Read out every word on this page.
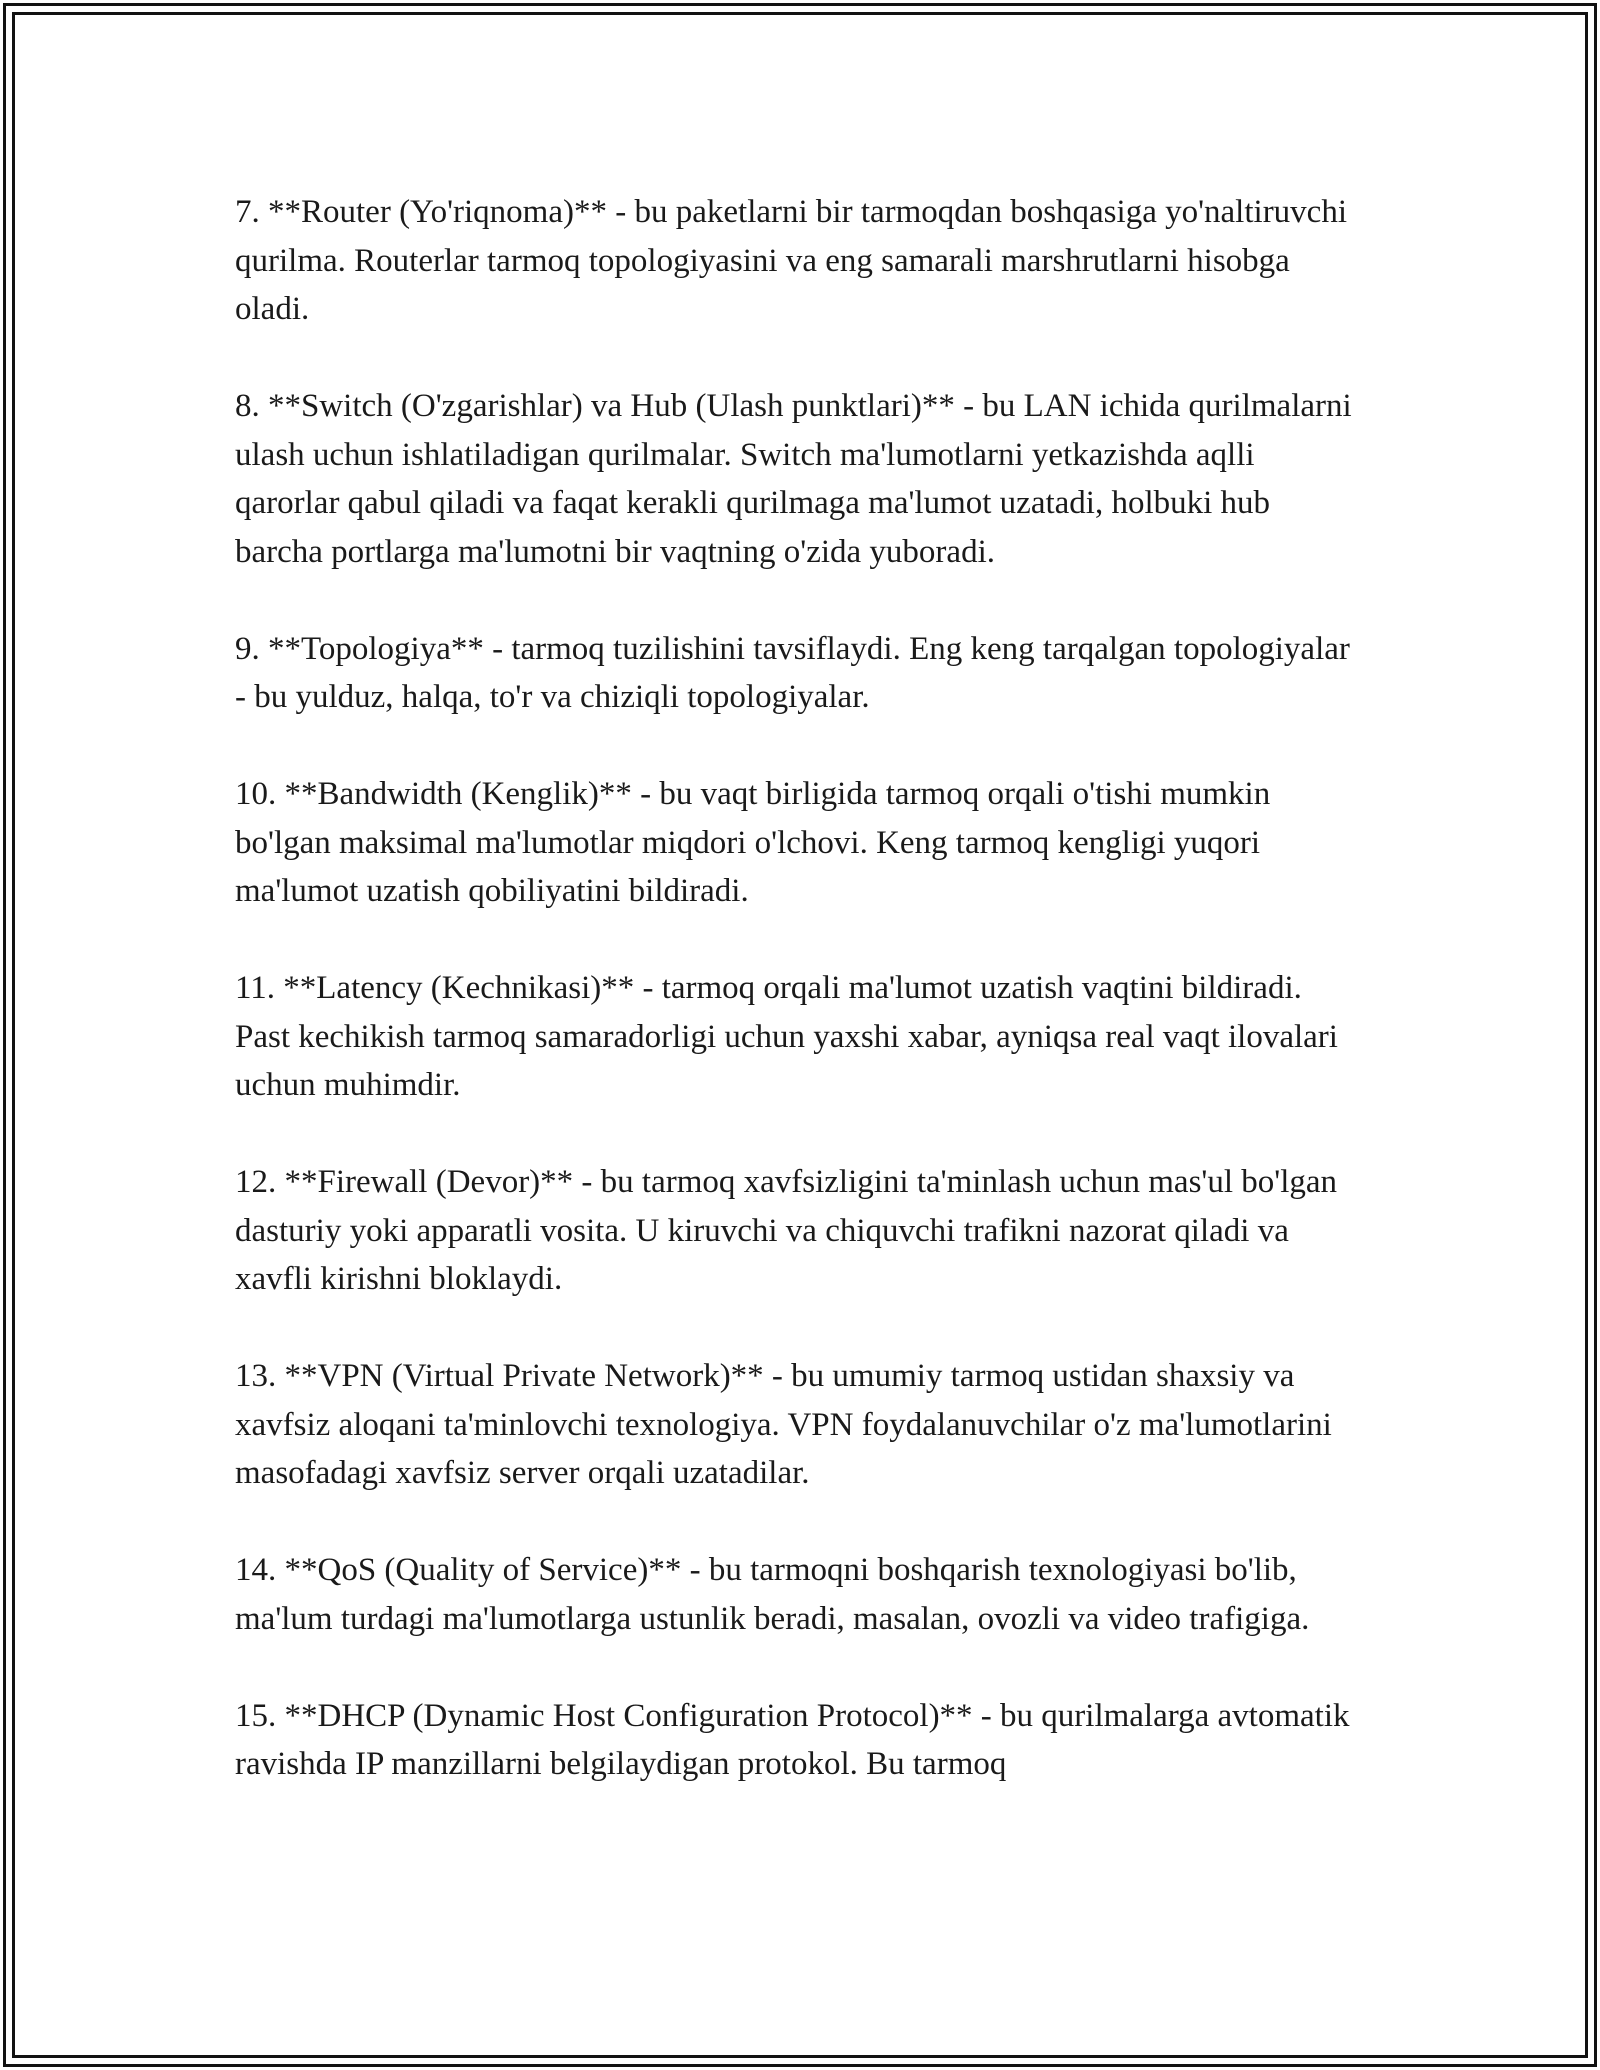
7. **Router (Yo'riqnoma)** - bu paketlarni bir tarmoqdan boshqasiga yo'naltiruvchi qurilma. Routerlar tarmoq topologiyasini va eng samarali marshrutlarni hisobga oladi.

8. **Switch (O'zgarishlar) va Hub (Ulash punktlari)** - bu LAN ichida qurilmalarni ulash uchun ishlatiladigan qurilmalar. Switch ma'lumotlarni yetkazishda aqlli qarorlar qabul qiladi va faqat kerakli qurilmaga ma'lumot uzatadi, holbuki hub barcha portlarga ma'lumotni bir vaqtning o'zida yuboradi.

9. **Topologiya** - tarmoq tuzilishini tavsiflaydi. Eng keng tarqalgan topologiyalar - bu yulduz, halqa, to'r va chiziqli topologiyalar.

10. **Bandwidth (Kenglik)** - bu vaqt birligida tarmoq orqali o'tishi mumkin bo'lgan maksimal ma'lumotlar miqdori o'lchovi. Keng tarmoq kengligi yuqori ma'lumot uzatish qobiliyatini bildiradi.

11. **Latency (Kechnikasi)** - tarmoq orqali ma'lumot uzatish vaqtini bildiradi. Past kechikish tarmoq samaradorligi uchun yaxshi xabar, ayniqsa real vaqt ilovalari uchun muhimdir.

12. **Firewall (Devor)** - bu tarmoq xavfsizligini ta'minlash uchun mas'ul bo'lgan dasturiy yoki apparatli vosita. U kiruvchi va chiquvchi trafikni nazorat qiladi va xavfli kirishni bloklaydi.

13. **VPN (Virtual Private Network)** - bu umumiy tarmoq ustidan shaxsiy va xavfsiz aloqani ta'minlovchi texnologiya. VPN foydalanuvchilar o'z ma'lumotlarini masofadagi xavfsiz server orqali uzatadilar.

14. **QoS (Quality of Service)** - bu tarmoqni boshqarish texnologiyasi bo'lib, ma'lum turdagi ma'lumotlarga ustunlik beradi, masalan, ovozli va video trafigiga.

15. **DHCP (Dynamic Host Configuration Protocol)** - bu qurilmalarga avtomatik ravishda IP manzillarni belgilaydigan protokol. Bu tarmoq
